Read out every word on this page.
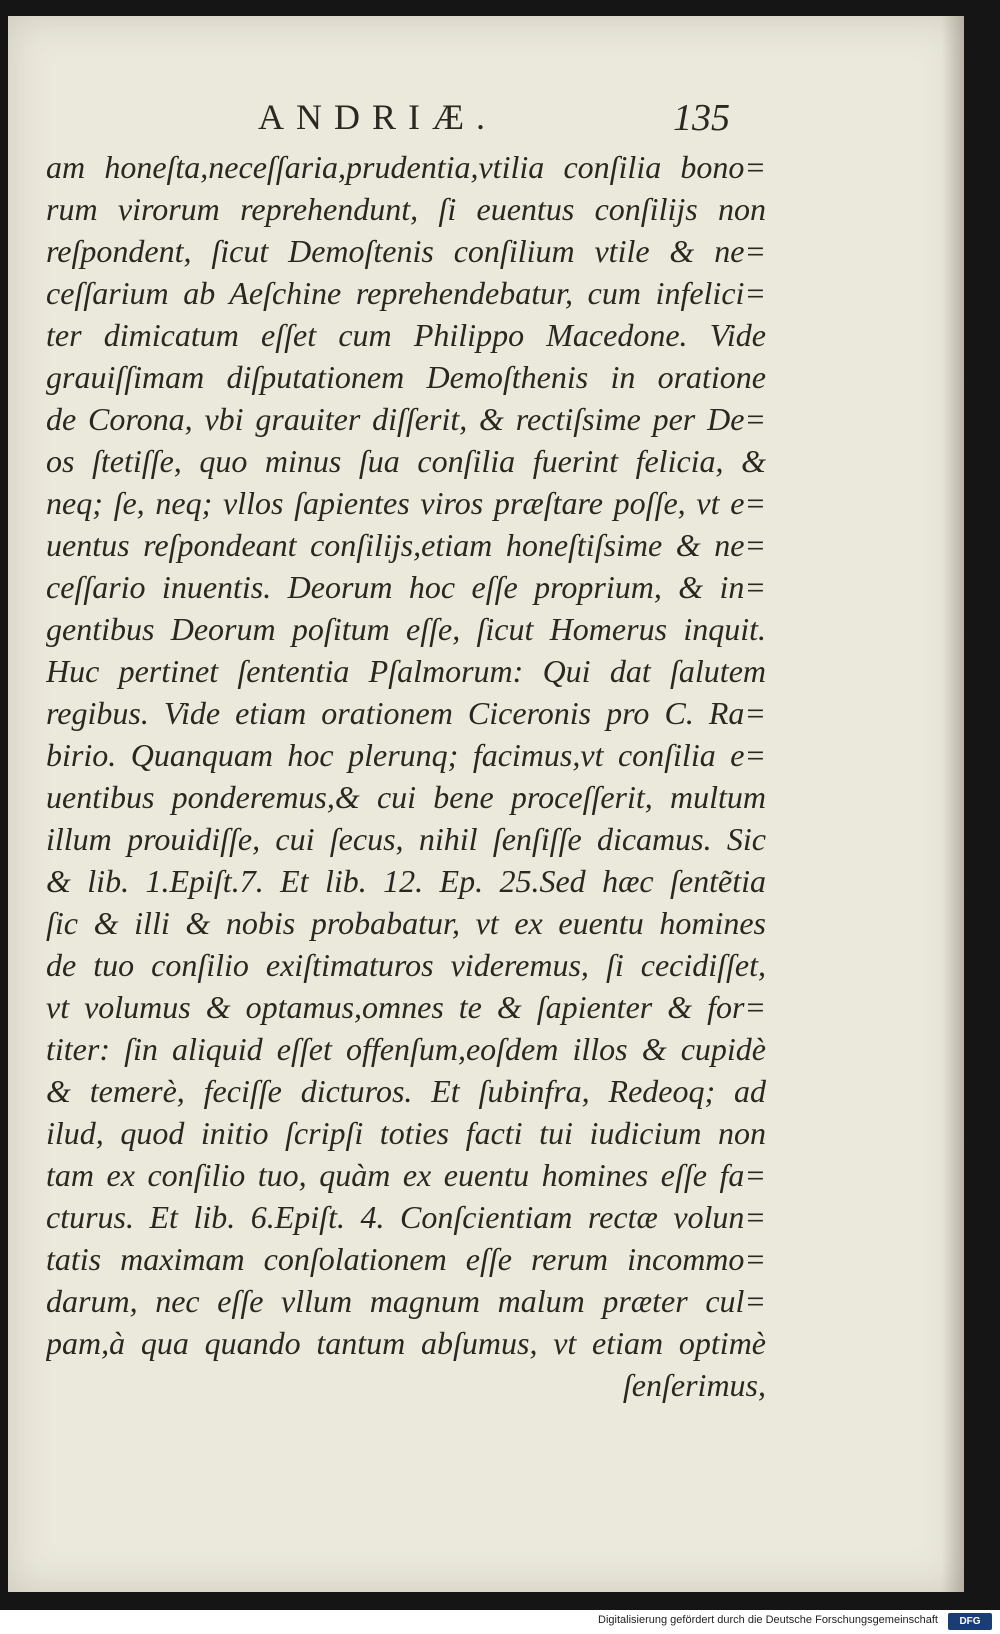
ANDRIÆ.	135
am honeſta,neceſſaria,prudentia,vtilia conſilia bono=
rum virorum reprehendunt, ſi euentus conſilijs non
reſpondent, ſicut Demoſtenis conſilium vtile & ne=
ceſſarium ab Aeſchine reprehendebatur, cum infelici=
ter dimicatum eſſet cum Philippo Macedone. Vide
grauiſſimam diſputationem Demoſthenis in oratione
de Corona, vbi grauiter diſſerit, & rectiſsime per De=
os ſtetiſſe, quo minus ſua conſilia fuerint felicia, &
neq; ſe, neq; vllos ſapientes viros præſtare poſſe, vt e=
uentus reſpondeant conſilijs,etiam honeſtiſsime & ne=
ceſſario inuentis. Deorum hoc eſſe proprium, & in=
gentibus Deorum poſitum eſſe, ſicut Homerus inquit.
Huc pertinet ſententia Pſalmorum: Qui dat ſalutem
regibus. Vide etiam orationem Ciceronis pro C. Ra=
birio. Quanquam hoc plerunq; facimus,vt conſilia e=
uentibus ponderemus,& cui bene proceſſerit, multum
illum prouidiſſe, cui ſecus, nihil ſenſiſſe dicamus. Sic
& lib. 1.Epiſt.7. Et lib. 12. Ep. 25.Sed hæc ſentẽtia
ſic & illi & nobis probabatur, vt ex euentu homines
de tuo conſilio exiſtimaturos videremus, ſi cecidiſſet,
vt volumus & optamus,omnes te & ſapienter & for=
titer: ſin aliquid eſſet offenſum,eoſdem illos & cupidè
& temerè, feciſſe dicturos. Et ſubinfra, Redeoq; ad
ilud, quod initio ſcripſi toties facti tui iudicium non
tam ex conſilio tuo, quàm ex euentu homines eſſe fa=
cturus. Et lib. 6.Epiſt. 4. Conſcientiam rectæ volun=
tatis maximam conſolationem eſſe rerum incommo=
darum, nec eſſe vllum magnum malum præter cul=
pam,à qua quando tantum abſumus, vt etiam optimè
ſenſerimus,
Digitalisierung gefördert durch die Deutsche Forschungsgemeinschaft	DFG
